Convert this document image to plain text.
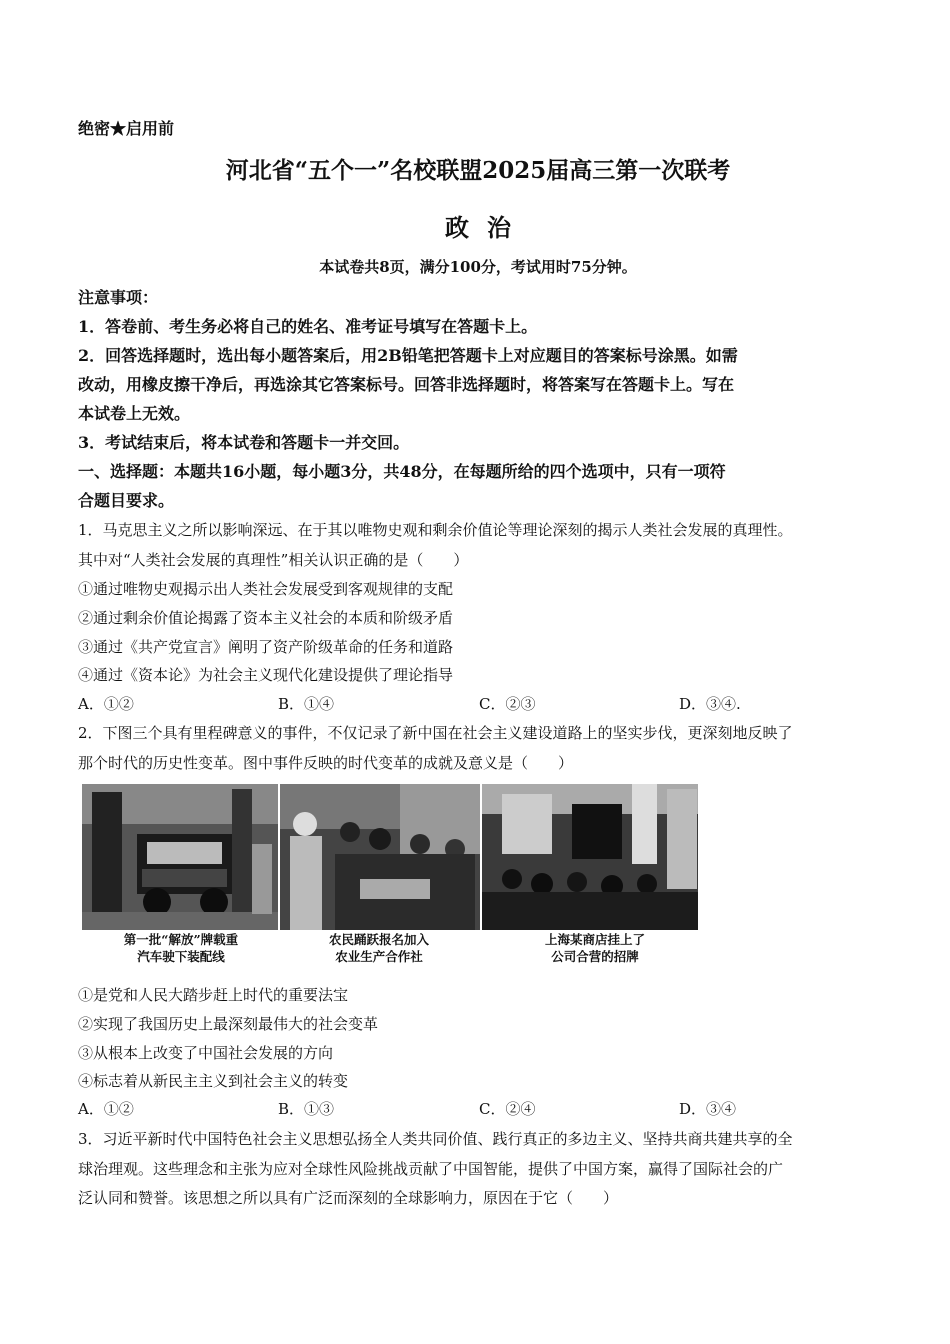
绝密★启用前
河北省“五个一”名校联盟2025届高三第一次联考
政治
本试卷共8页，满分100分，考试用时75分钟。
注意事项：
1．答卷前、考生务必将自己的姓名、准考证号填写在答题卡上。
2．回答选择题时，选出每小题答案后，用2B铅笔把答题卡上对应题目的答案标号涂黑。如需
改动，用橡皮擦干净后，再选涂其它答案标号。回答非选择题时，将答案写在答题卡上。写在
本试卷上无效。
3．考试结束后，将本试卷和答题卡一并交回。
一、选择题：本题共16小题，每小题3分，共48分，在每题所给的四个选项中，只有一项符
合题目要求。
1．马克思主义之所以影响深远、在于其以唯物史观和剩余价值论等理论深刻的揭示人类社会发展的真理性。
其中对“人类社会发展的真理性”相关认识正确的是（　　）
①通过唯物史观揭示出人类社会发展受到客观规律的支配
②通过剩余价值论揭露了资本主义社会的本质和阶级矛盾
③通过《共产党宣言》阐明了资产阶级革命的任务和道路
④通过《资本论》为社会主义现代化建设提供了理论指导
A．①②	B．①④	C．②③	D．③④.
2．下图三个具有里程碑意义的事件，不仅记录了新中国在社会主义建设道路上的坚实步伐，更深刻地反映了
那个时代的历史性变革。图中事件反映的时代变革的成就及意义是（　　）
第一批“解放”牌载重
汽车驶下装配线
农民踊跃报名加入
农业生产合作社
上海某商店挂上了
公司合营的招牌
①是党和人民大踏步赶上时代的重要法宝
②实现了我国历史上最深刻最伟大的社会变革
③从根本上改变了中国社会发展的方向
④标志着从新民主主义到社会主义的转变
A．①②	B．①③	C．②④	D．③④
3．习近平新时代中国特色社会主义思想弘扬全人类共同价值、践行真正的多边主义、坚持共商共建共享的全
球治理观。这些理念和主张为应对全球性风险挑战贡献了中国智能，提供了中国方案，赢得了国际社会的广
泛认同和赞誉。该思想之所以具有广泛而深刻的全球影响力，原因在于它（　　）
